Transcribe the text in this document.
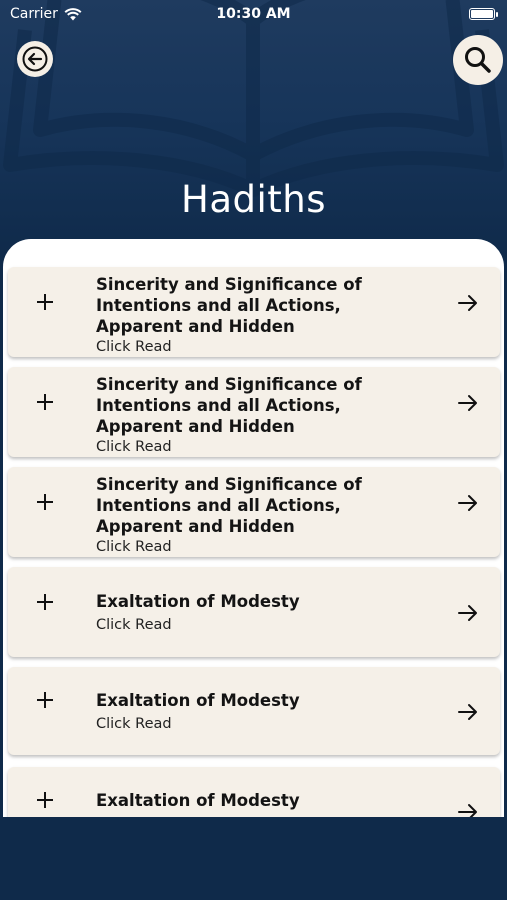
Carrier	10:30 AM
Hadiths
Sincerity and Significance of Intentions and all Actions, Apparent and Hidden
Click Read
Sincerity and Significance of Intentions and all Actions, Apparent and Hidden
Click Read
Sincerity and Significance of Intentions and all Actions, Apparent and Hidden
Click Read
Exaltation of Modesty
Click Read
Exaltation of Modesty
Click Read
Exaltation of Modesty
